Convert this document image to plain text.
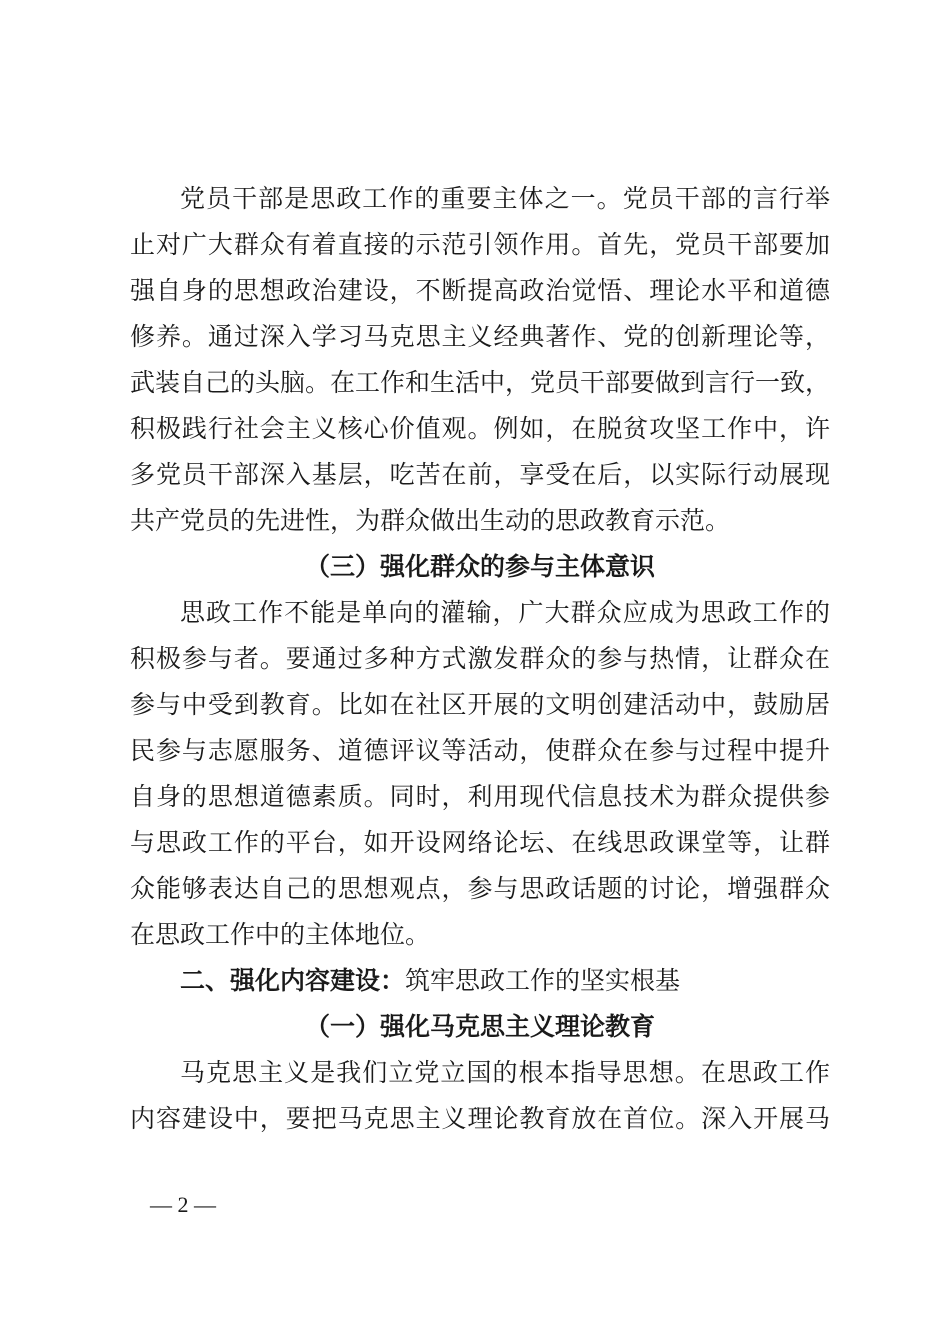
党员干部是思政工作的重要主体之一。党员干部的言行举
止对广大群众有着直接的示范引领作用。首先，党员干部要加
强自身的思想政治建设，不断提高政治觉悟、理论水平和道德
修养。通过深入学习马克思主义经典著作、党的创新理论等，
武装自己的头脑。在工作和生活中，党员干部要做到言行一致，
积极践行社会主义核心价值观。例如，在脱贫攻坚工作中，许
多党员干部深入基层，吃苦在前，享受在后，以实际行动展现
共产党员的先进性，为群众做出生动的思政教育示范。
（三）强化群众的参与主体意识
思政工作不能是单向的灌输，广大群众应成为思政工作的
积极参与者。要通过多种方式激发群众的参与热情，让群众在
参与中受到教育。比如在社区开展的文明创建活动中，鼓励居
民参与志愿服务、道德评议等活动，使群众在参与过程中提升
自身的思想道德素质。同时，利用现代信息技术为群众提供参
与思政工作的平台，如开设网络论坛、在线思政课堂等，让群
众能够表达自己的思想观点，参与思政话题的讨论，增强群众
在思政工作中的主体地位。
二、强化内容建设：筑牢思政工作的坚实根基
（一）强化马克思主义理论教育
马克思主义是我们立党立国的根本指导思想。在思政工作
内容建设中，要把马克思主义理论教育放在首位。深入开展马
— 2 —
